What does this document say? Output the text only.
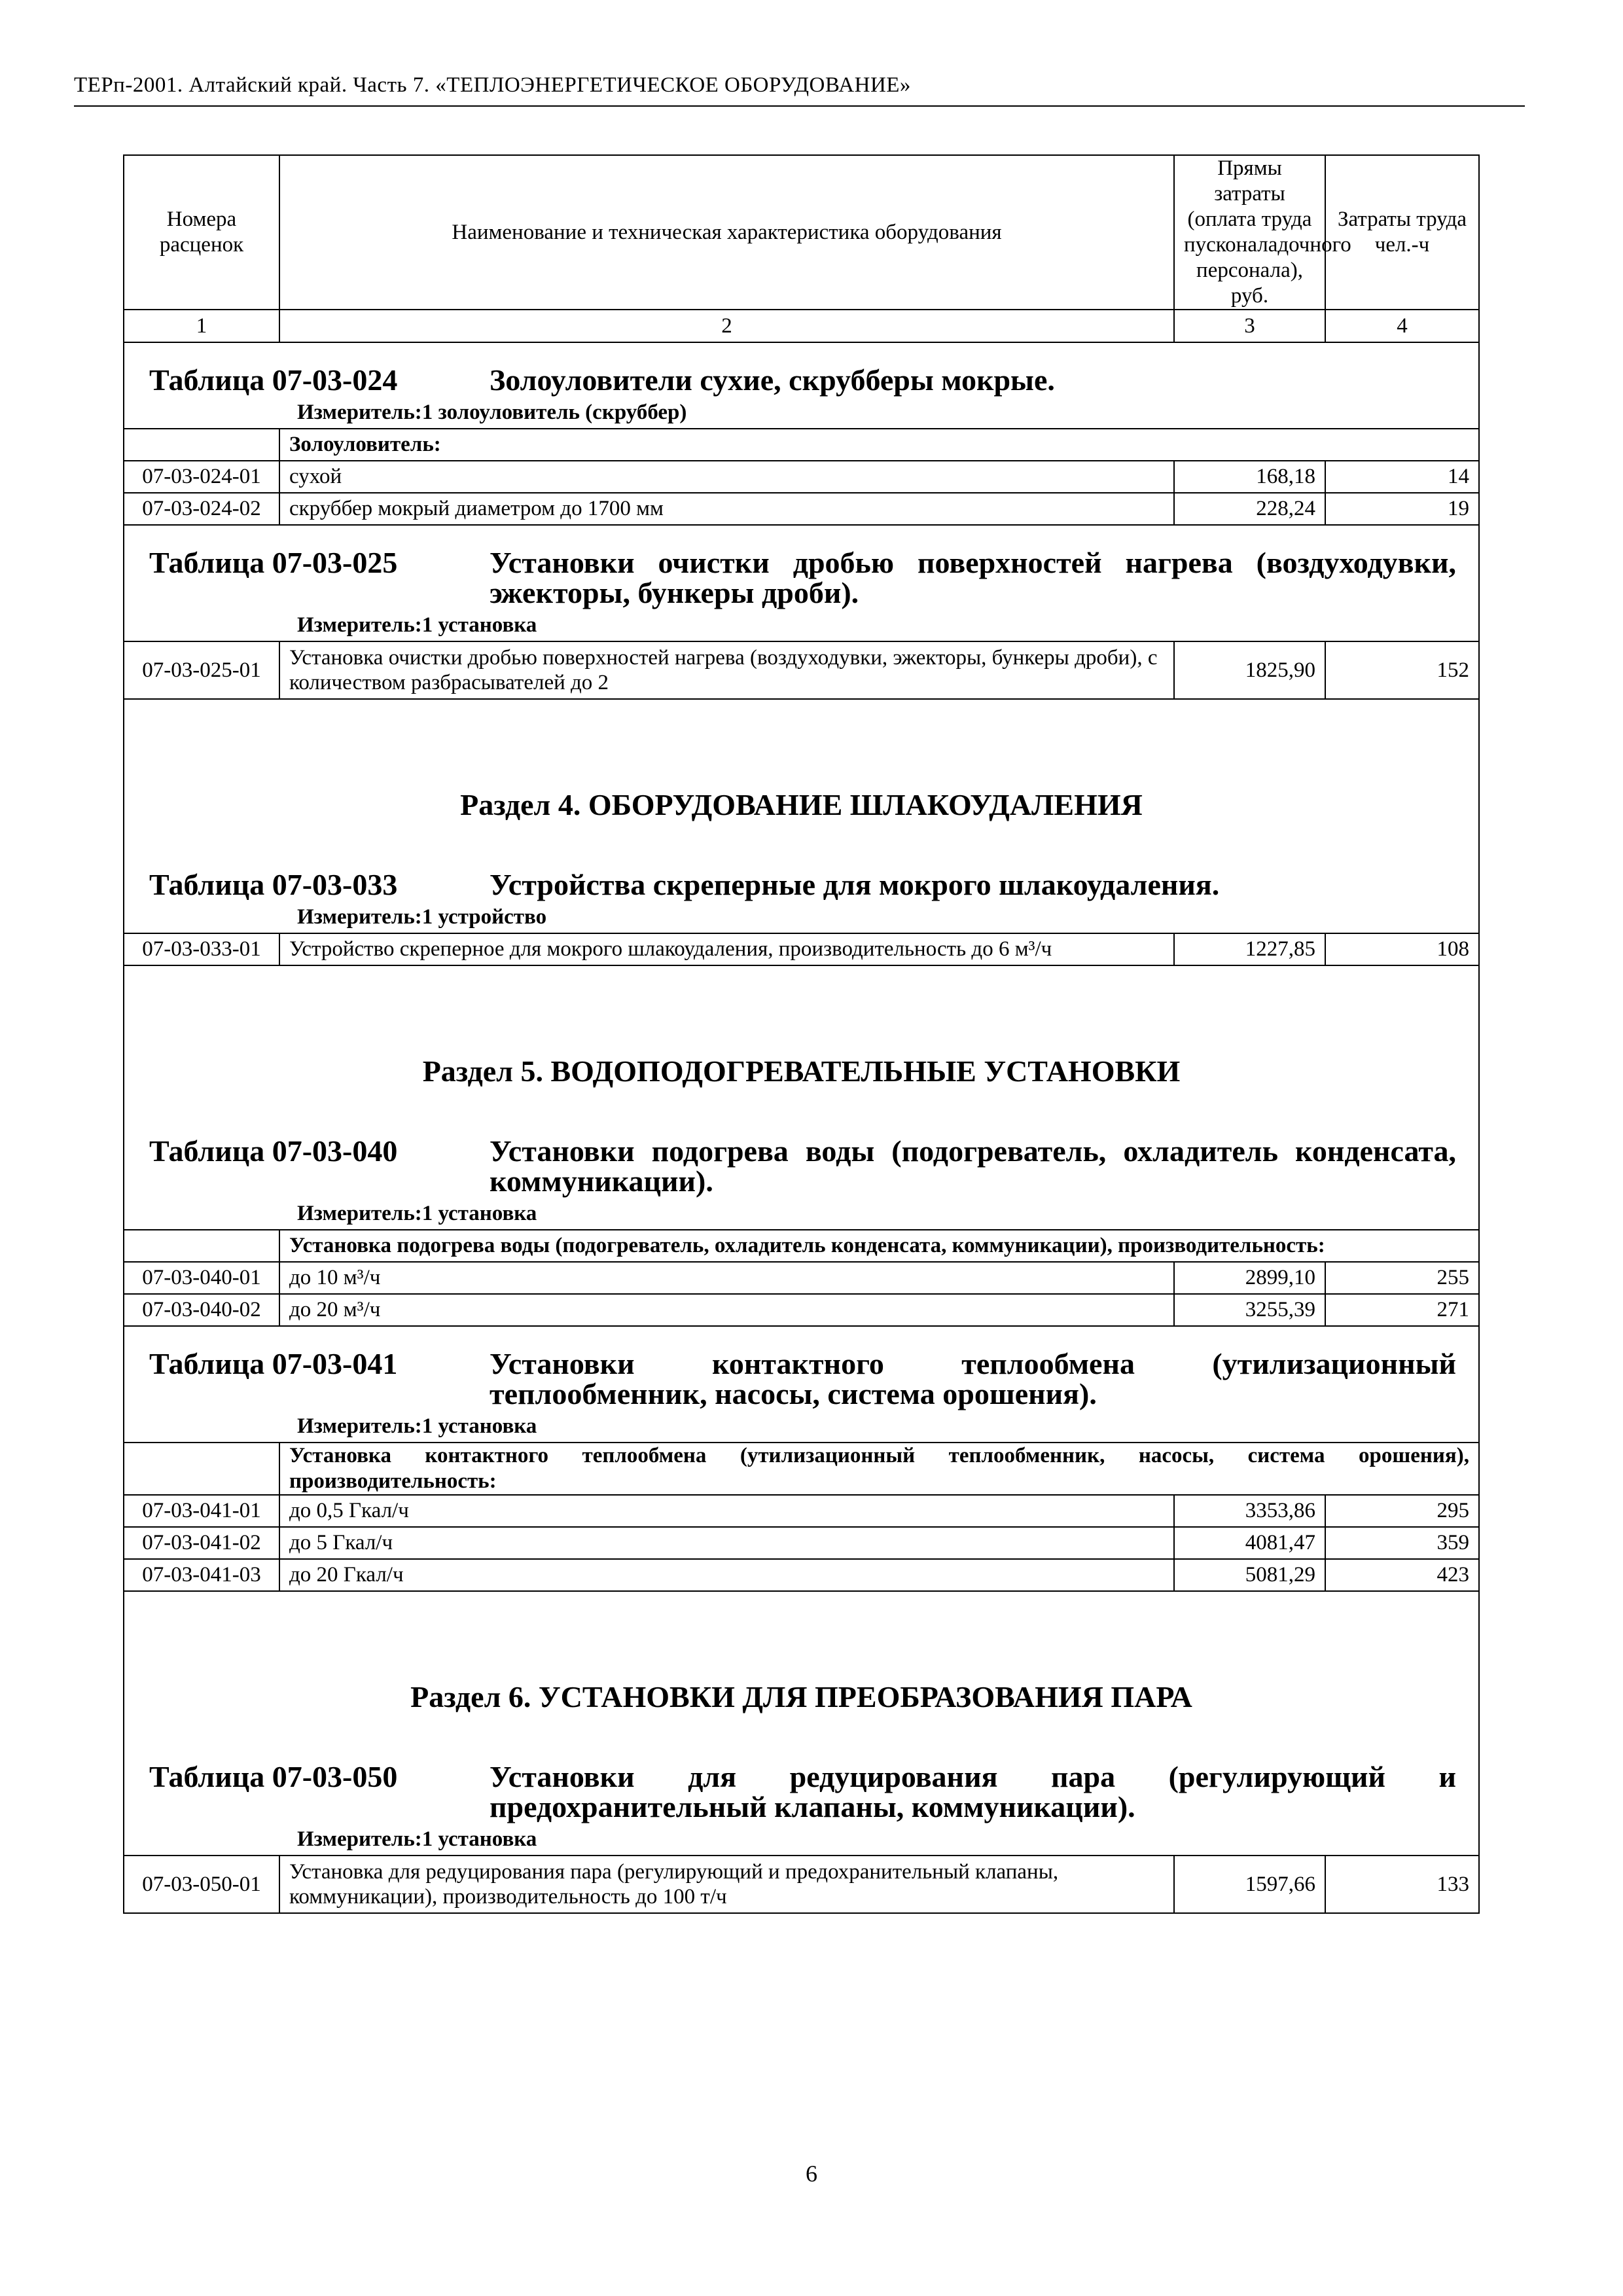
ТЕРп-2001. Алтайский край. Часть 7. «ТЕПЛОЭНЕРГЕТИЧЕСКОЕ ОБОРУДОВАНИЕ»
Номера расценок	Наименование и техническая характеристика оборудования	Прямы затраты (оплата труда пусконаладочного персонала), руб.	Затраты труда чел.-ч
1	2	3	4

Таблица 07-03-024 Золоуловители сухие, скрубберы мокрые.			

Измеритель:1 золоуловитель (скруббер)			

	Золоуловитель:		
07-03-024-01	сухой	168,18	14
07-03-024-02	скруббер мокрый диаметром до 1700 мм	228,24	19

Таблица 07-03-025 Установки очистки дробью поверхностей нагрева (воздуходувки, эжекторы, бункеры дроби).			

Измеритель:1 установка			

07-03-025-01	Установка очистки дробью поверхностей нагрева (воздуходувки, эжекторы, бункеры дроби), с количеством разбрасывателей до 2	1825,90	152

Раздел 4. ОБОРУДОВАНИЕ ШЛАКОУДАЛЕНИЯ			

Таблица 07-03-033 Устройства скреперные для мокрого шлакоудаления.			

Измеритель:1 устройство			

07-03-033-01	Устройство скреперное для мокрого шлакоудаления, производительность до 6 м³/ч	1227,85	108

Раздел 5. ВОДОПОДОГРЕВАТЕЛЬНЫЕ УСТАНОВКИ			

Таблица 07-03-040 Установки подогрева воды (подогреватель, охладитель конденсата, коммуникации).			

Измеритель:1 установка			

	Установка подогрева воды (подогреватель, охладитель конденсата, коммуникации), производительность:		
07-03-040-01	до 10 м³/ч	2899,10	255
07-03-040-02	до 20 м³/ч	3255,39	271

Таблица 07-03-041 Установки контактного теплообмена (утилизационный теплообменник, насосы, система орошения).			

Измеритель:1 установка			

	Установка контактного теплообмена (утилизационный теплообменник, насосы, система орошения), производительность:		
07-03-041-01	до 0,5 Гкал/ч	3353,86	295
07-03-041-02	до 5 Гкал/ч	4081,47	359
07-03-041-03	до 20 Гкал/ч	5081,29	423

Раздел 6. УСТАНОВКИ ДЛЯ ПРЕОБРАЗОВАНИЯ ПАРА			

Таблица 07-03-050 Установки для редуцирования пара (регулирующий и предохранительный клапаны, коммуникации).			

Измеритель:1 установка			

07-03-050-01	Установка для редуцирования пара (регулирующий и предохранительный клапаны, коммуникации), производительность до 100 т/ч	1597,66	133
6
